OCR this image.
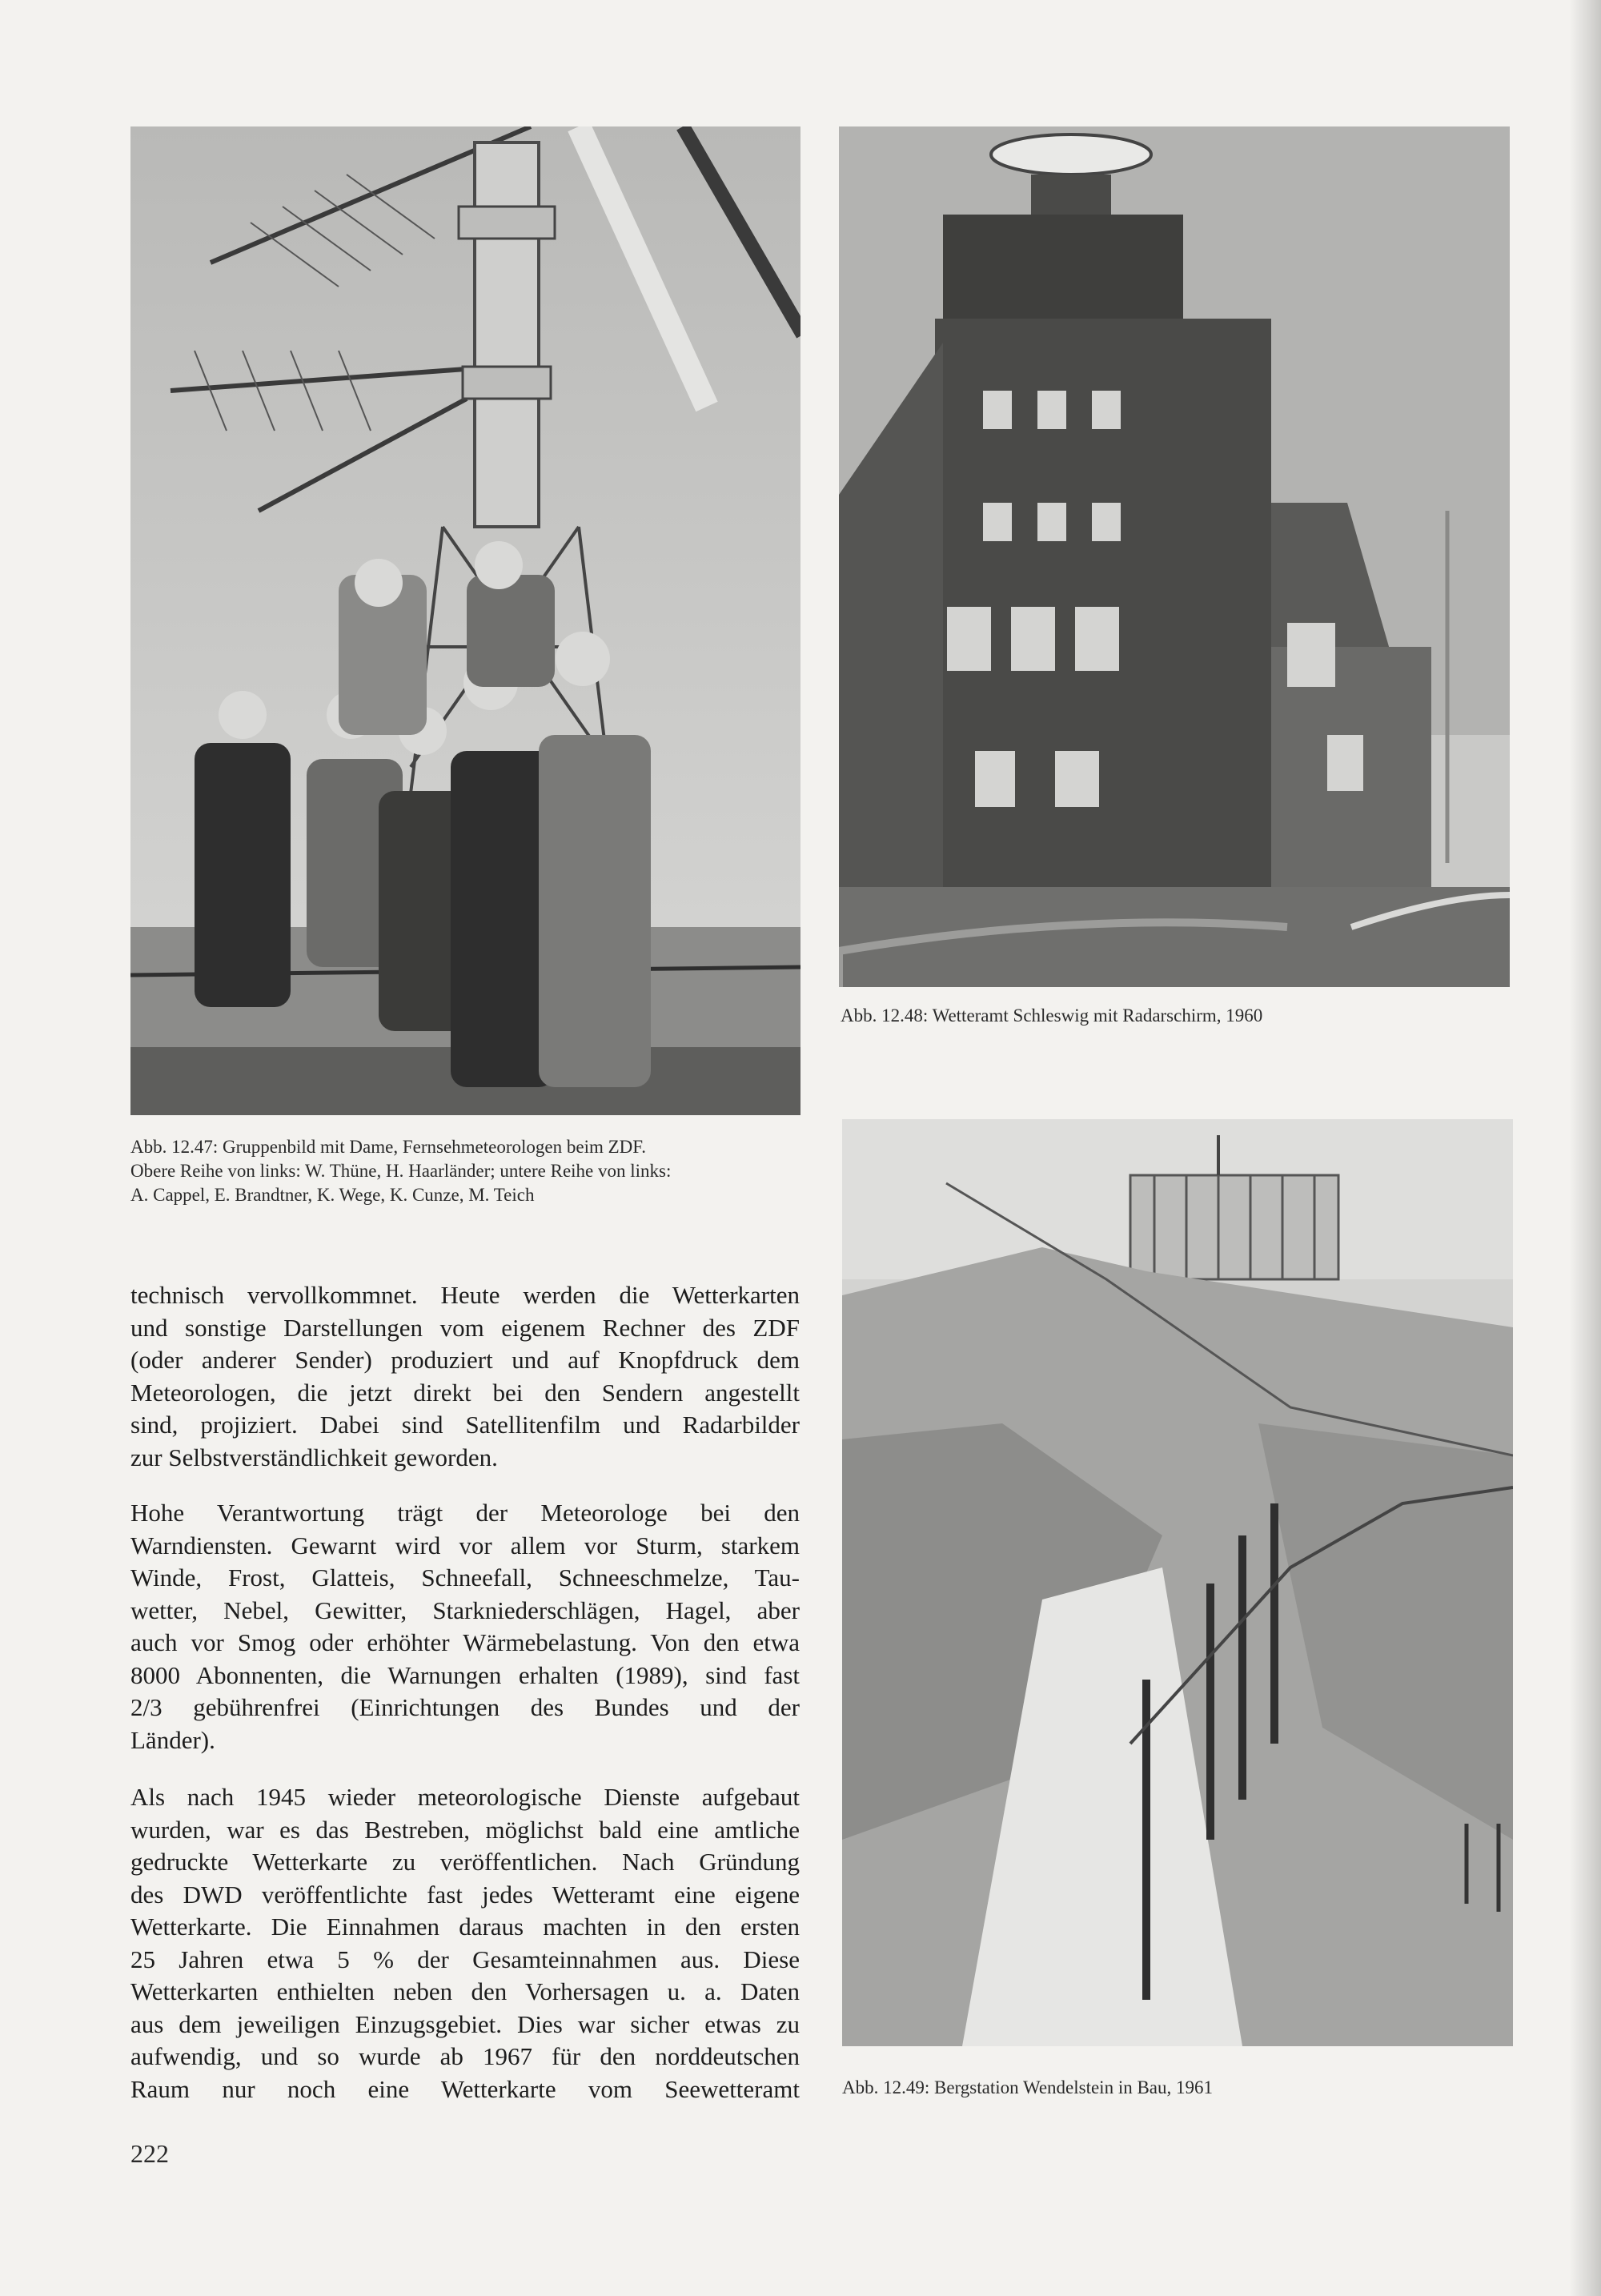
Abb. 12.48: Wetteramt Schleswig mit Radarschirm, 1960
Abb. 12.47: Gruppenbild mit Dame, Fernsehmeteorologen beim ZDF.
Obere Reihe von links: W. Thüne, H. Haarländer; untere Reihe von links:
A. Cappel, E. Brandtner, K. Wege, K. Cunze, M. Teich
Abb. 12.49: Bergstation Wendelstein in Bau, 1961
technisch vervollkommnet. Heute werden die Wetterkarten
und sonstige Darstellungen vom eigenem Rechner des ZDF
(oder anderer Sender) produziert und auf Knopfdruck dem
Meteorologen, die jetzt direkt bei den Sendern angestellt
sind, projiziert. Dabei sind Satellitenfilm und Radarbilder
zur Selbstverständlichkeit geworden.
Hohe Verantwortung trägt der Meteorologe bei den
Warndiensten. Gewarnt wird vor allem vor Sturm, starkem
Winde, Frost, Glatteis, Schneefall, Schneeschmelze, Tau-
wetter, Nebel, Gewitter, Starkniederschlägen, Hagel, aber
auch vor Smog oder erhöhter Wärmebelastung. Von den etwa
8000 Abonnenten, die Warnungen erhalten (1989), sind fast
2/3 gebührenfrei (Einrichtungen des Bundes und der
Länder).
Als nach 1945 wieder meteorologische Dienste aufgebaut
wurden, war es das Bestreben, möglichst bald eine amtliche
gedruckte Wetterkarte zu veröffentlichen. Nach Gründung
des DWD veröffentlichte fast jedes Wetteramt eine eigene
Wetterkarte. Die Einnahmen daraus machten in den ersten
25 Jahren etwa 5 % der Gesamteinnahmen aus. Diese
Wetterkarten enthielten neben den Vorhersagen u. a. Daten
aus dem jeweiligen Einzugsgebiet. Dies war sicher etwas zu
aufwendig, und so wurde ab 1967 für den norddeutschen
Raum nur noch eine Wetterkarte vom Seewetteramt
222
